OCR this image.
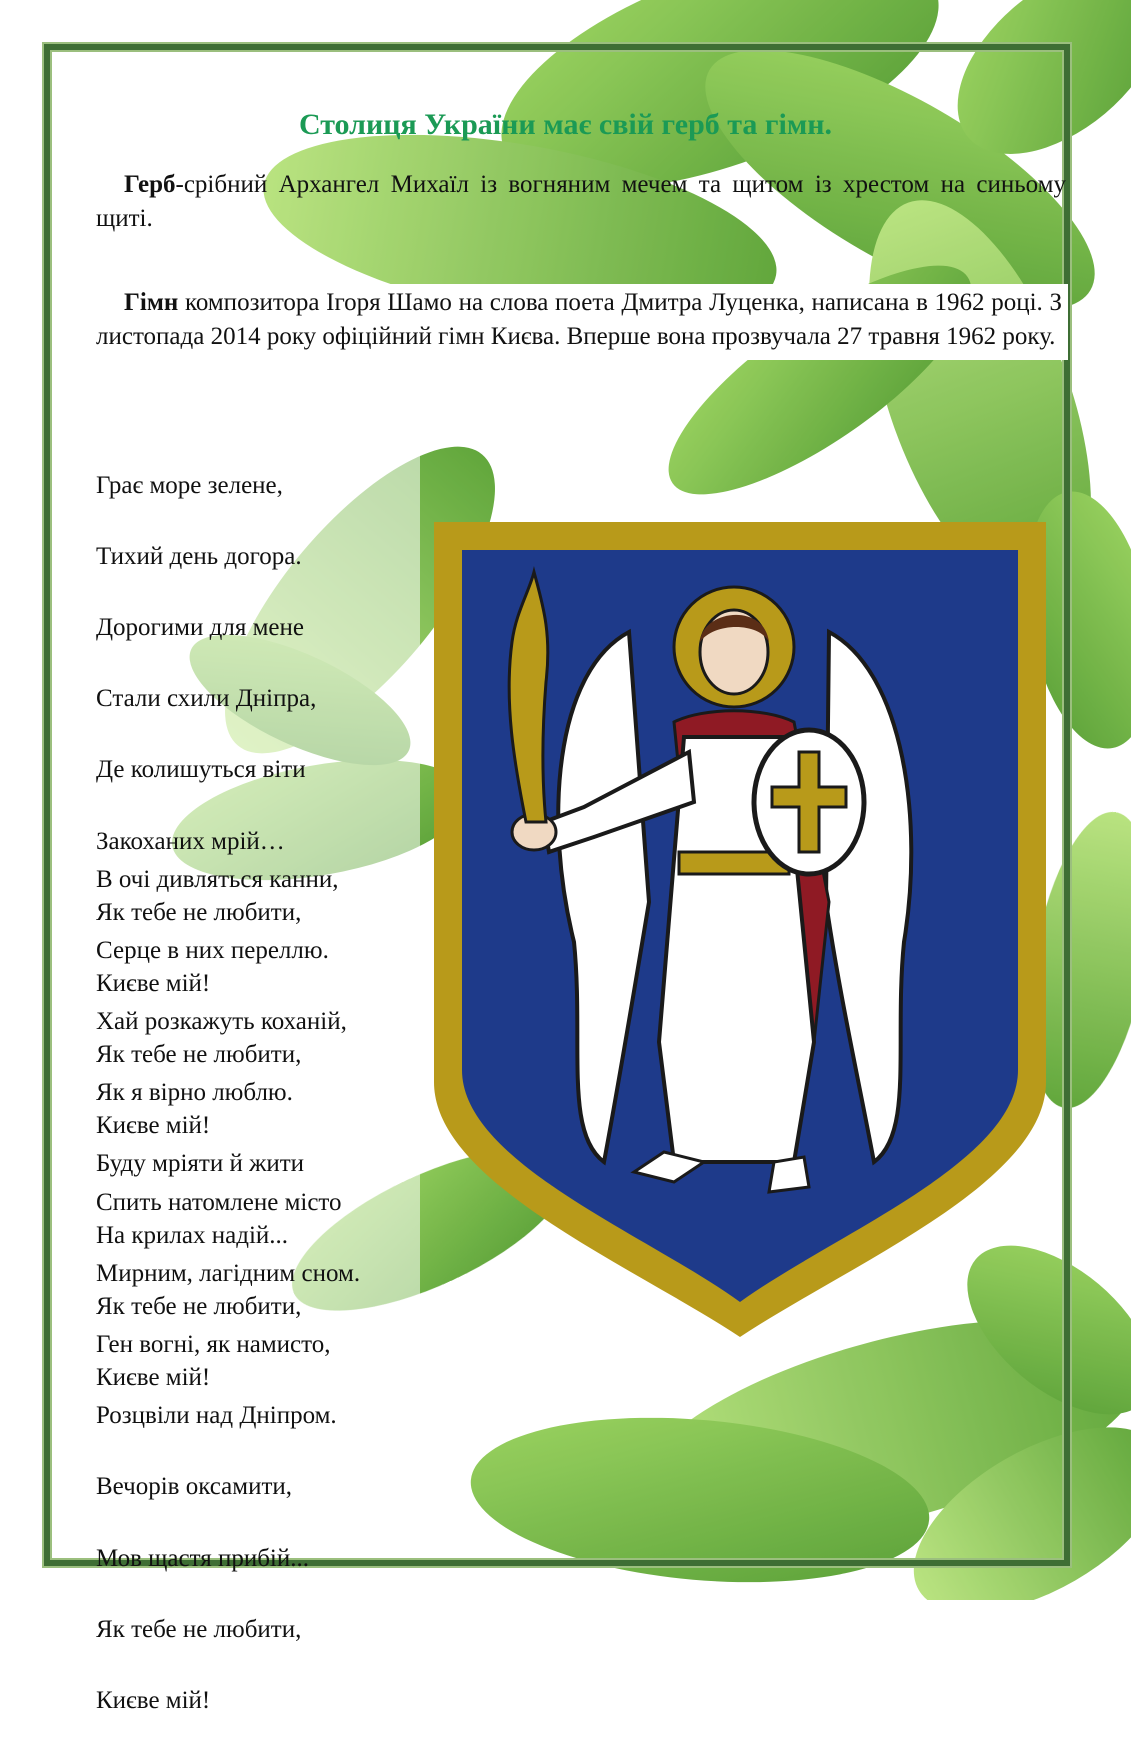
Столиця України має свій герб та гімн.
Герб-срібний Архангел Михаїл із вогняним мечем та щитом із хрестом на синьому щиті.
Гімн композитора Ігоря Шамо на слова поета Дмитра Луценка, написана в 1962 році. З листопада 2014 року офіційний гімн Києва. Вперше вона прозвучала 27 травня 1962 року.

Грає море зелене,

Тихий день догора.

Дорогими для мене

Стали схили Дніпра,

Де колишуться віти

Закоханих мрій…

Як тебе не любити,

Києве мій!

Як тебе не любити,

Києве мій!

В очі дивляться канни,

Серце в них переллю.

Хай розкажуть коханій,

Як я вірно люблю.

Буду мріяти й жити

На крилах надій...

Як тебе не любити,

Києве мій!

Спить натомлене місто

Мирним, лагідним сном.

Ген вогні, як намисто,

Розцвіли над Дніпром.

Вечорів оксамити,

Мов щастя прибій...

Як тебе не любити,

Києве мій!
